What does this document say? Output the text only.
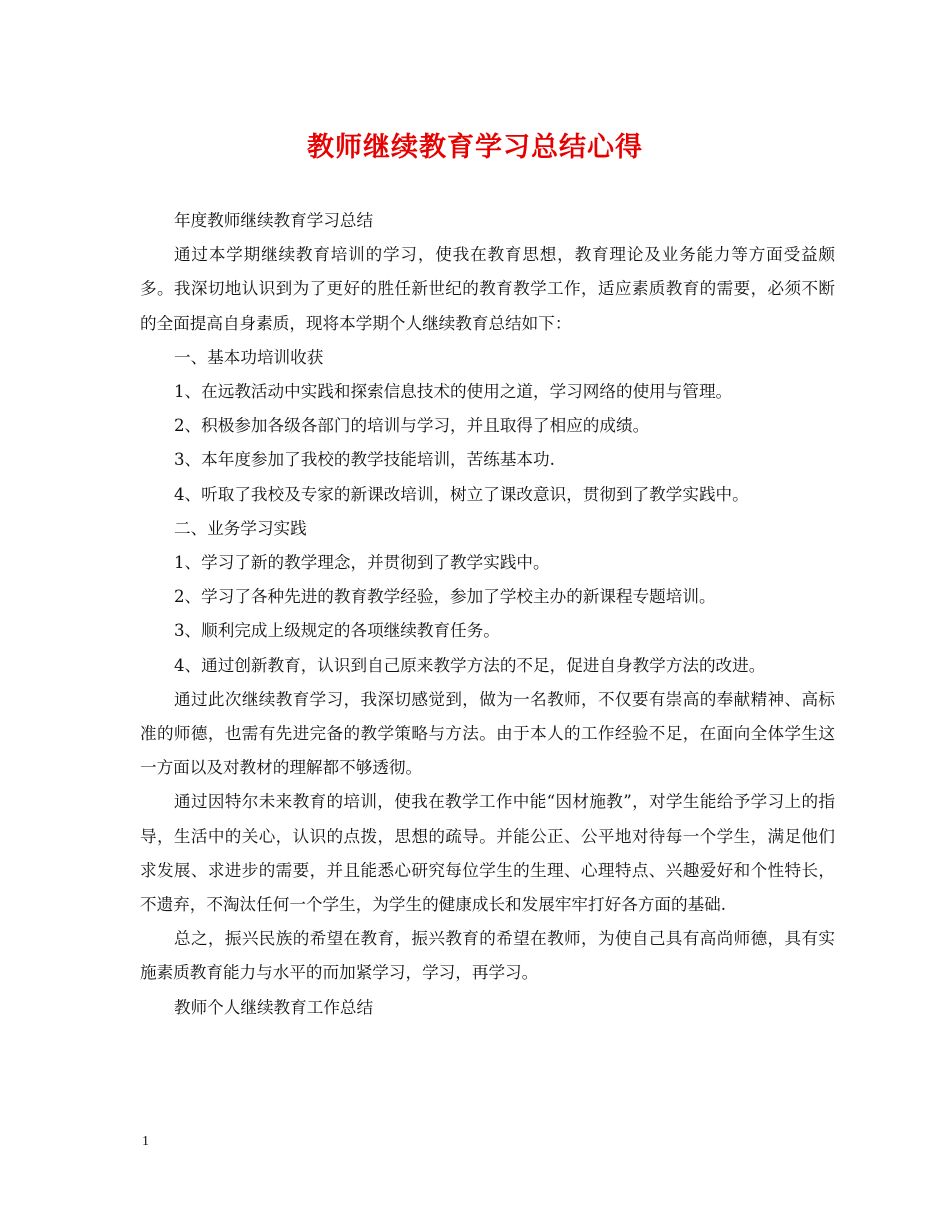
教师继续教育学习总结心得

年度教师继续教育学习总结

通过本学期继续教育培训的学习，使我在教育思想，教育理论及业务能力等方面受益颇多。我深切地认识到为了更好的胜任新世纪的教育教学工作，适应素质教育的需要，必须不断的全面提高自身素质，现将本学期个人继续教育总结如下：

一、基本功培训收获

1、在远教活动中实践和探索信息技术的使用之道，学习网络的使用与管理。

2、积极参加各级各部门的培训与学习，并且取得了相应的成绩。

3、本年度参加了我校的教学技能培训，苦练基本功.

4、听取了我校及专家的新课改培训，树立了课改意识，贯彻到了教学实践中。

二、业务学习实践

1、学习了新的教学理念，并贯彻到了教学实践中。

2、学习了各种先进的教育教学经验，参加了学校主办的新课程专题培训。

3、顺利完成上级规定的各项继续教育任务。

4、通过创新教育，认识到自己原来教学方法的不足，促进自身教学方法的改进。

通过此次继续教育学习，我深切感觉到，做为一名教师，不仅要有崇高的奉献精神、高标准的师德，也需有先进完备的教学策略与方法。由于本人的工作经验不足，在面向全体学生这一方面以及对教材的理解都不够透彻。

通过因特尔未来教育的培训，使我在教学工作中能“因材施教”，对学生能给予学习上的指导，生活中的关心，认识的点拨，思想的疏导。并能公正、公平地对待每一个学生，满足他们求发展、求进步的需要，并且能悉心研究每位学生的生理、心理特点、兴趣爱好和个性特长，不遗弃，不淘汰任何一个学生，为学生的健康成长和发展牢牢打好各方面的基础.

总之，振兴民族的希望在教育，振兴教育的希望在教师，为使自己具有高尚师德，具有实施素质教育能力与水平的而加紧学习，学习，再学习。

教师个人继续教育工作总结

1
